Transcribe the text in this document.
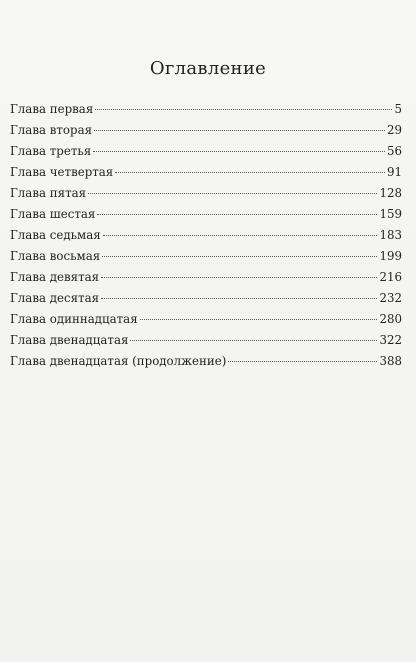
Оглавление
Глава первая	5
Глава вторая	29
Глава третья	56
Глава четвертая	91
Глава пятая	128
Глава шестая	159
Глава седьмая	183
Глава восьмая	199
Глава девятая	216
Глава десятая	232
Глава одиннадцатая	280
Глава двенадцатая	322
Глава двенадцатая (продолжение)	388
